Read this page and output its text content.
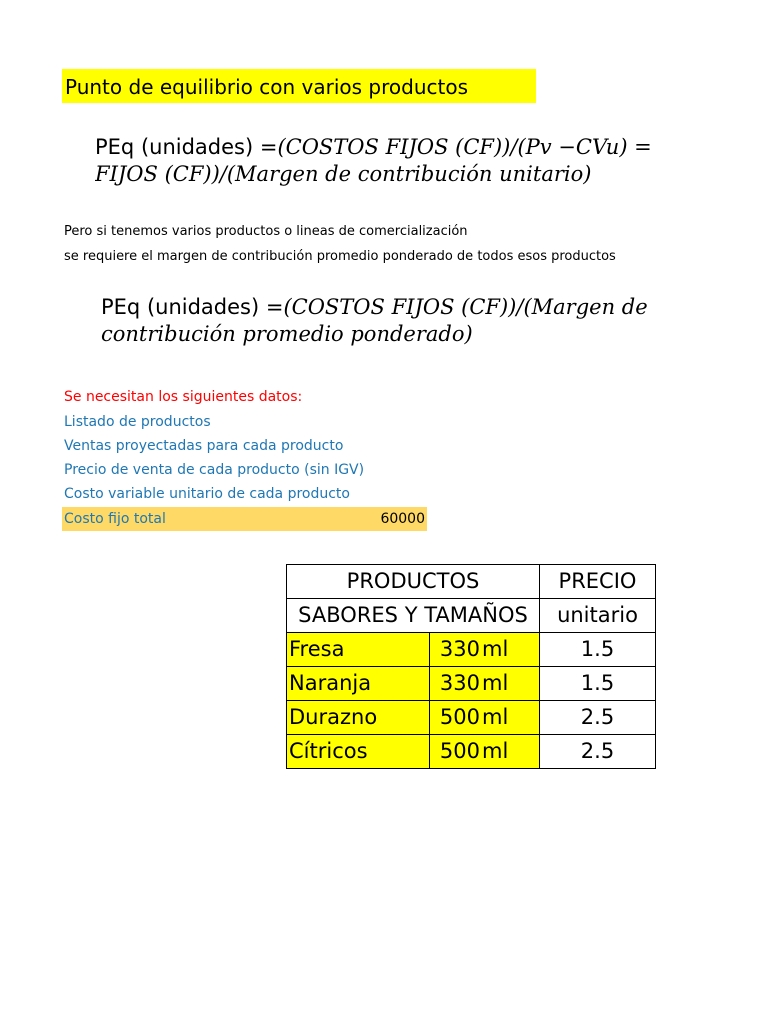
Punto de equilibrio con varios productos
PEq (unidades) =(COSTOS FIJOS (CF))/(Pv −CVu) =
FIJOS (CF))/(Margen de contribución unitario)
Pero si tenemos varios productos o lineas de comercialización
se requiere el margen de contribución promedio ponderado de todos esos productos
PEq (unidades) =(COSTOS FIJOS (CF))/(Margen de
contribución promedio ponderado)
Se necesitan los siguientes datos:
Listado de productos
Ventas proyectadas para cada producto
Precio de venta de cada producto (sin IGV)
Costo variable unitario de cada producto
Costo fijo total	60000
PRODUCTOS			PRECIO
SABORES Y TAMAÑOS			unitario
Fresa	330	ml	1.5
Naranja	330	ml	1.5
Durazno	500	ml	2.5
Cítricos	500	ml	2.5
